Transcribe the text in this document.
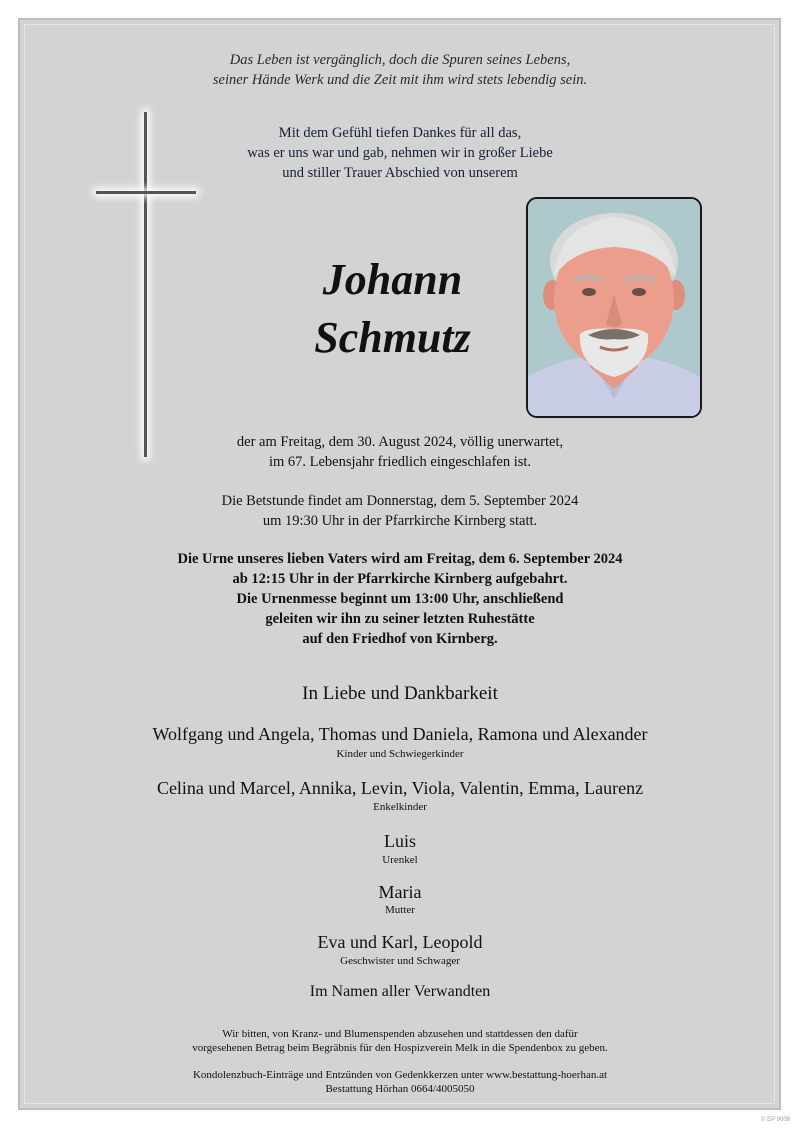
Das Leben ist vergänglich, doch die Spuren seines Lebens,
seiner Hände Werk und die Zeit mit ihm wird stets lebendig sein.
Mit dem Gefühl tiefen Dankes für all das,
was er uns war und gab, nehmen wir in großer Liebe
und stiller Trauer Abschied von unserem
Johann
Schmutz
der am Freitag, dem 30. August 2024, völlig unerwartet,
im 67. Lebensjahr friedlich eingeschlafen ist.
Die Betstunde findet am Donnerstag, dem 5. September 2024
um 19:30 Uhr in der Pfarrkirche Kirnberg statt.
Die Urne unseres lieben Vaters wird am Freitag, dem 6. September 2024
ab 12:15 Uhr in der Pfarrkirche Kirnberg aufgebahrt.
Die Urnenmesse beginnt um 13:00 Uhr, anschließend
geleiten wir ihn zu seiner letzten Ruhestätte
auf den Friedhof von Kirnberg.
In Liebe und Dankbarkeit
Wolfgang und Angela, Thomas und Daniela, Ramona und Alexander
Kinder und Schwiegerkinder
Celina und Marcel, Annika, Levin, Viola, Valentin, Emma, Laurenz
Enkelkinder
Luis
Urenkel
Maria
Mutter
Eva und Karl, Leopold
Geschwister und Schwager
Im Namen aller Verwandten
Wir bitten, von Kranz- und Blumenspenden abzusehen und stattdessen den dafür
vorgesehenen Betrag beim Begräbnis für den Hospizverein Melk in die Spendenbox zu geben.
Kondolenzbuch-Einträge und Entzünden von Gedenkkerzen unter www.bestattung-hoerhan.at
Bestattung Hörhan 0664/4005050
© EP 9008
